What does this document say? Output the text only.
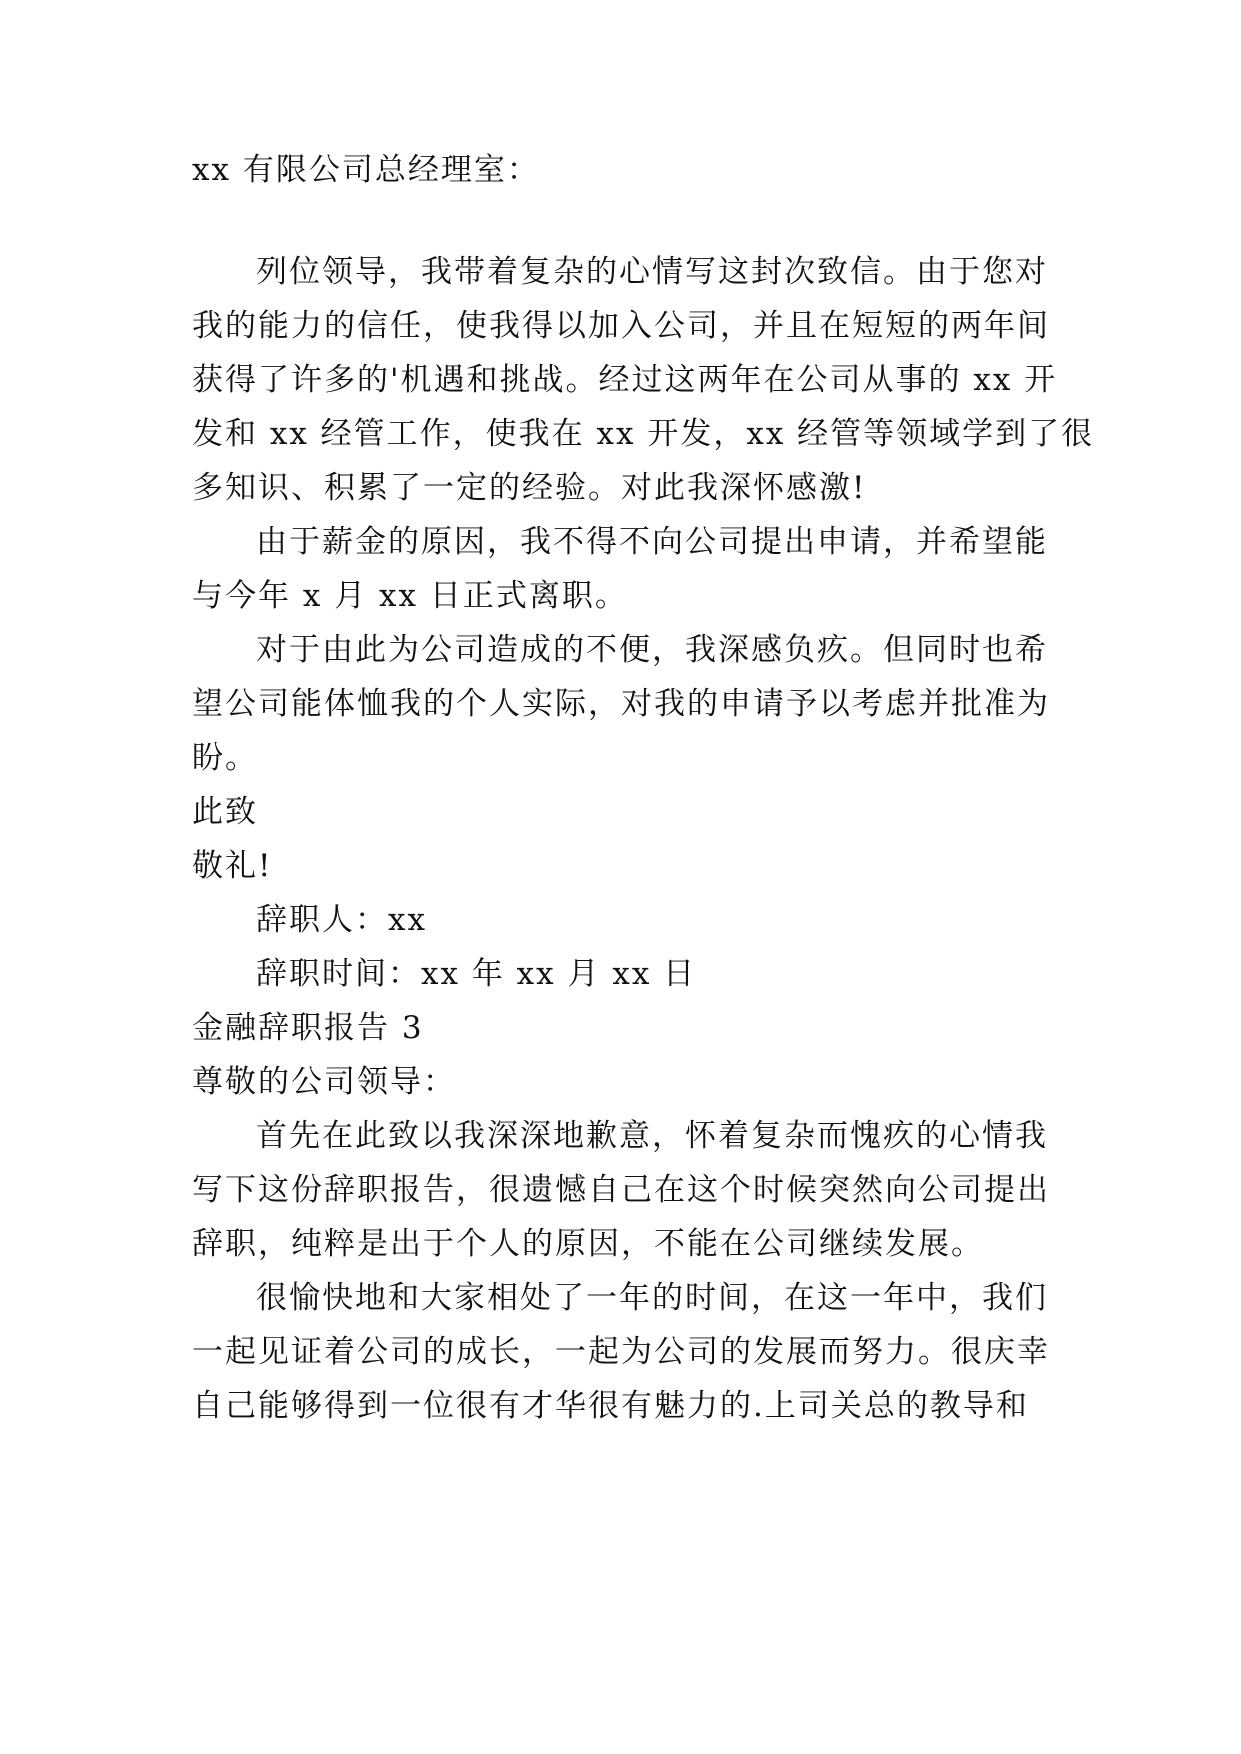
xx 有限公司总经理室：
列位领导，我带着复杂的心情写这封次致信。由于您对
我的能力的信任，使我得以加入公司，并且在短短的两年间
获得了许多的'机遇和挑战。经过这两年在公司从事的 xx 开
发和 xx 经管工作，使我在 xx 开发，xx 经管等领域学到了很
多知识、积累了一定的经验。对此我深怀感激!
由于薪金的原因，我不得不向公司提出申请，并希望能
与今年 x 月 xx 日正式离职。
对于由此为公司造成的不便，我深感负疚。但同时也希
望公司能体恤我的个人实际，对我的申请予以考虑并批准为
盼。
此致
敬礼!
辞职人：xx
辞职时间：xx 年 xx 月 xx 日
金融辞职报告 3
尊敬的公司领导：
首先在此致以我深深地歉意，怀着复杂而愧疚的心情我
写下这份辞职报告，很遗憾自己在这个时候突然向公司提出
辞职，纯粹是出于个人的原因，不能在公司继续发展。
很愉快地和大家相处了一年的时间，在这一年中，我们
一起见证着公司的成长，一起为公司的发展而努力。很庆幸
自己能够得到一位很有才华很有魅力的.上司关总的教导和
